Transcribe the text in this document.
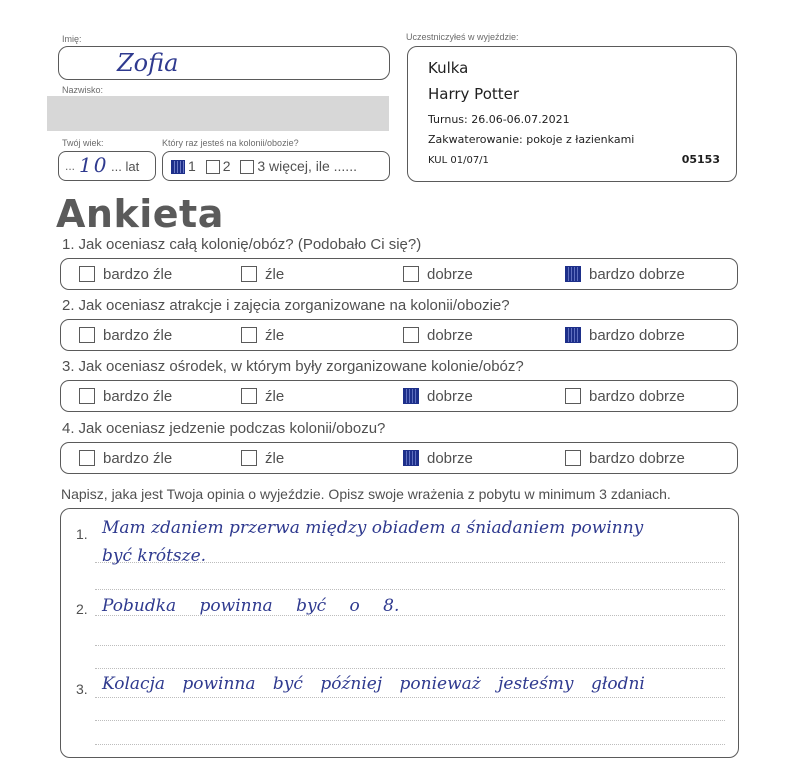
Imię:
Zofia
Nazwisko:
Twój wiek:
... 10 ... lat
Który raz jesteś na kolonii/obozie?
1 2 3 więcej, ile ......
Uczestniczyłeś w wyjeździe:
Kulka
Harry Potter
Turnus: 26.06-06.07.2021
Zakwaterowanie: pokoje z łazienkami
KUL 01/07/1	05153
Ankieta
1. Jak oceniasz całą kolonię/obóz? (Podobało Ci się?)
bardzo źle	źle	dobrze	bardzo dobrze
2. Jak oceniasz atrakcje i zajęcia zorganizowane na kolonii/obozie?
bardzo źle	źle	dobrze	bardzo dobrze
3. Jak oceniasz ośrodek, w którym były zorganizowane kolonie/obóz?
bardzo źle	źle	dobrze	bardzo dobrze
4. Jak oceniasz jedzenie podczas kolonii/obozu?
bardzo źle	źle	dobrze	bardzo dobrze
Napisz, jaka jest Twoja opinia o wyjeździe. Opisz swoje wrażenia z pobytu w minimum 3 zdaniach.
1. Mam zdaniem przerwa między obiadem a śniadaniem powinny
być krótsze.
2. Pobudka powinna być o 8.
3. Kolacja powinna być później ponieważ jesteśmy głodni
